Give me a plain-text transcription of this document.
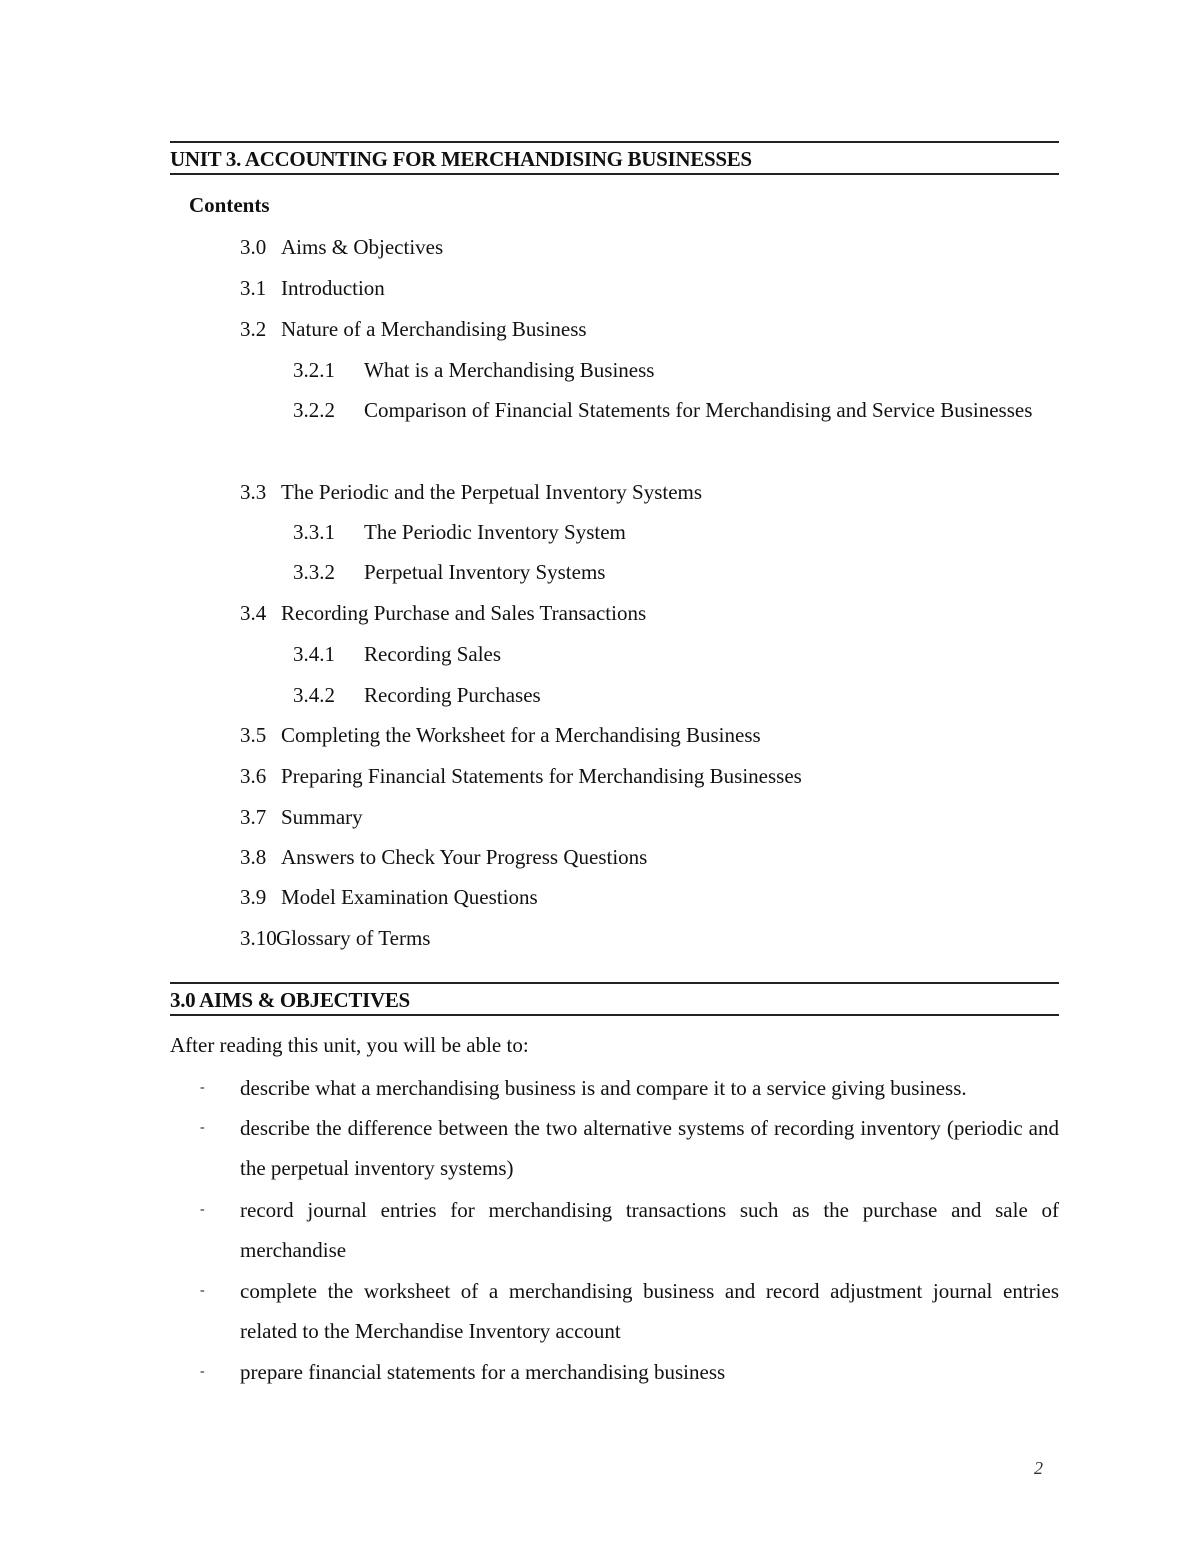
UNIT 3. ACCOUNTING FOR MERCHANDISING BUSINESSES
Contents
3.0 Aims & Objectives
3.1 Introduction
3.2 Nature of a Merchandising Business
3.2.1 What is a Merchandising Business
3.2.2 Comparison of Financial Statements for Merchandising and Service Businesses
3.3 The Periodic and the Perpetual Inventory Systems
3.3.1 The Periodic Inventory System
3.3.2 Perpetual Inventory Systems
3.4 Recording Purchase and Sales Transactions
3.4.1 Recording Sales
3.4.2 Recording Purchases
3.5 Completing the Worksheet for a Merchandising Business
3.6 Preparing Financial Statements for Merchandising Businesses
3.7 Summary
3.8 Answers to Check Your Progress Questions
3.9 Model Examination Questions
3.10 Glossary of Terms
3.0 AIMS & OBJECTIVES
After reading this unit, you will be able to:
- describe what a merchandising business is and compare it to a service giving business.
- describe the difference between the two alternative systems of recording inventory (periodic and the perpetual inventory systems)
- record journal entries for merchandising transactions such as the purchase and sale of merchandise
- complete the worksheet of a merchandising business and record adjustment journal entries related to the Merchandise Inventory account
- prepare financial statements for a merchandising business
2
